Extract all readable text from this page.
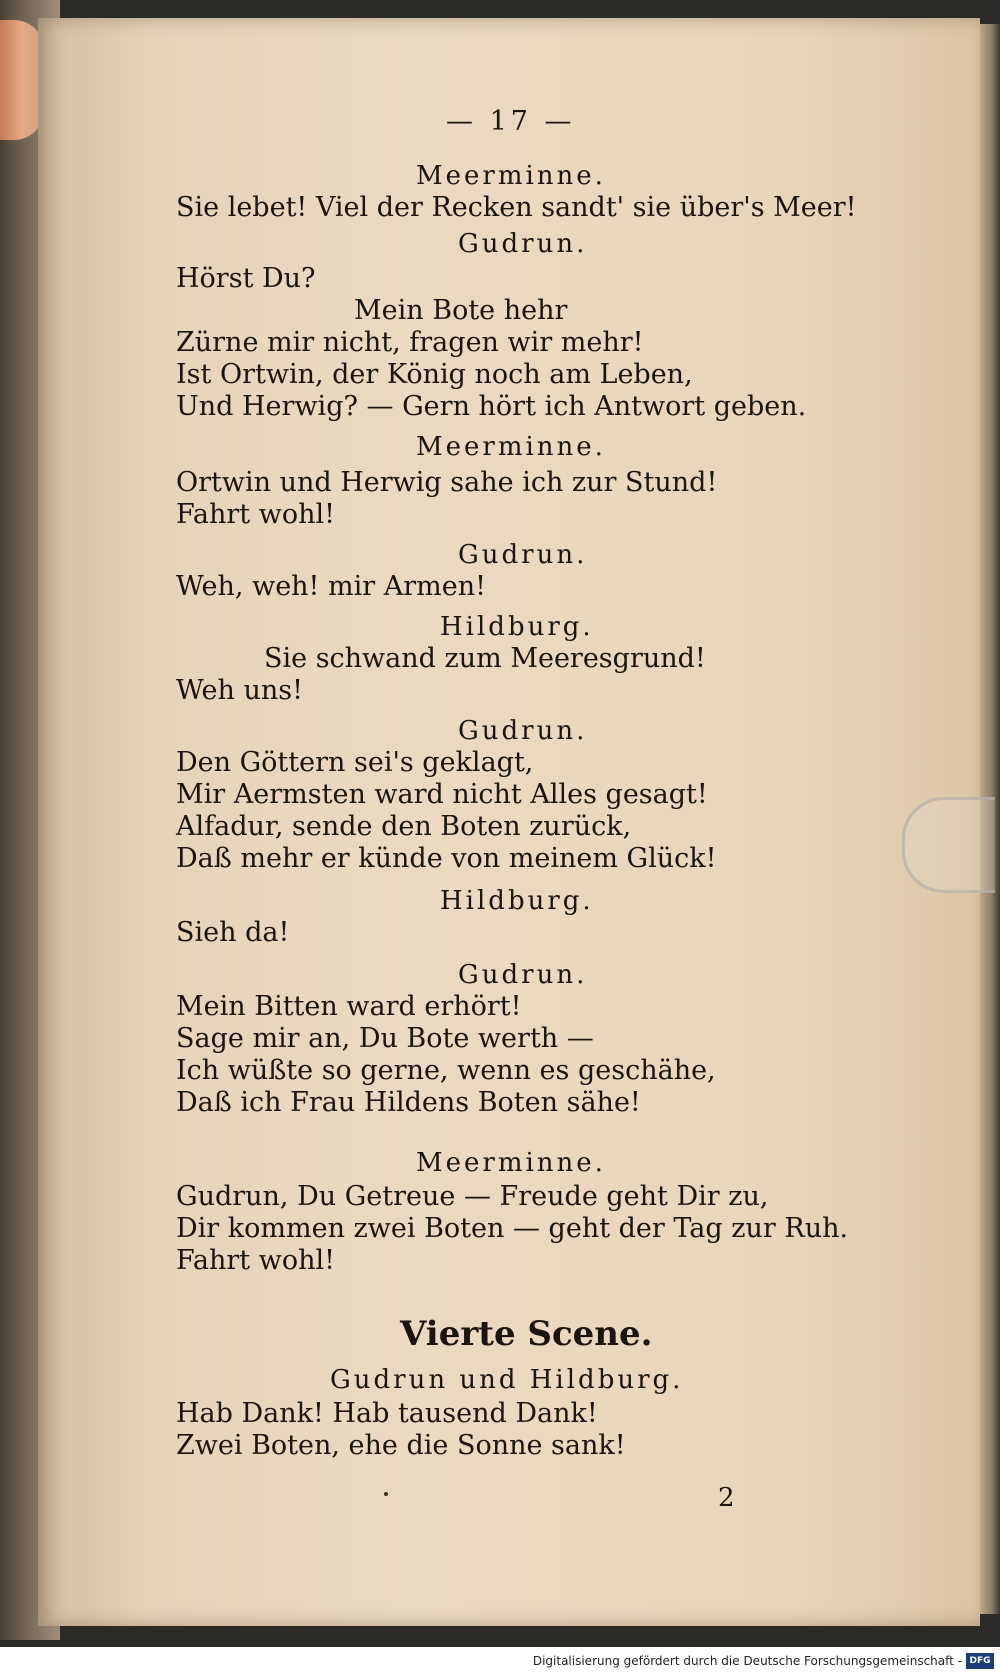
— 17 —
Meerminne.
Sie lebet! Viel der Recken sandt' sie über's Meer!
Gudrun.
Hörst Du?
Mein Bote hehr
Zürne mir nicht, fragen wir mehr!
Ist Ortwin, der König noch am Leben,
Und Herwig? — Gern hört ich Antwort geben.
Meerminne.
Ortwin und Herwig sahe ich zur Stund!
Fahrt wohl!
Gudrun.
Weh, weh! mir Armen!
Hildburg.
Sie schwand zum Meeresgrund!
Weh uns!
Gudrun.
Den Göttern sei's geklagt,
Mir Aermsten ward nicht Alles gesagt!
Alfadur, sende den Boten zurück,
Daß mehr er künde von meinem Glück!
Hildburg.
Sieh da!
Gudrun.
Mein Bitten ward erhört!
Sage mir an, Du Bote werth —
Ich wüßte so gerne, wenn es geschähe,
Daß ich Frau Hildens Boten sähe!
Meerminne.
Gudrun, Du Getreue — Freude geht Dir zu,
Dir kommen zwei Boten — geht der Tag zur Ruh.
Fahrt wohl!
Gudrun und Hildburg.
Hab Dank! Hab tausend Dank!
Zwei Boten, ehe die Sonne sank!
Vierte Scene.
2
Digitalisierung gefördert durch die Deutsche Forschungsgemeinschaft - DFG
